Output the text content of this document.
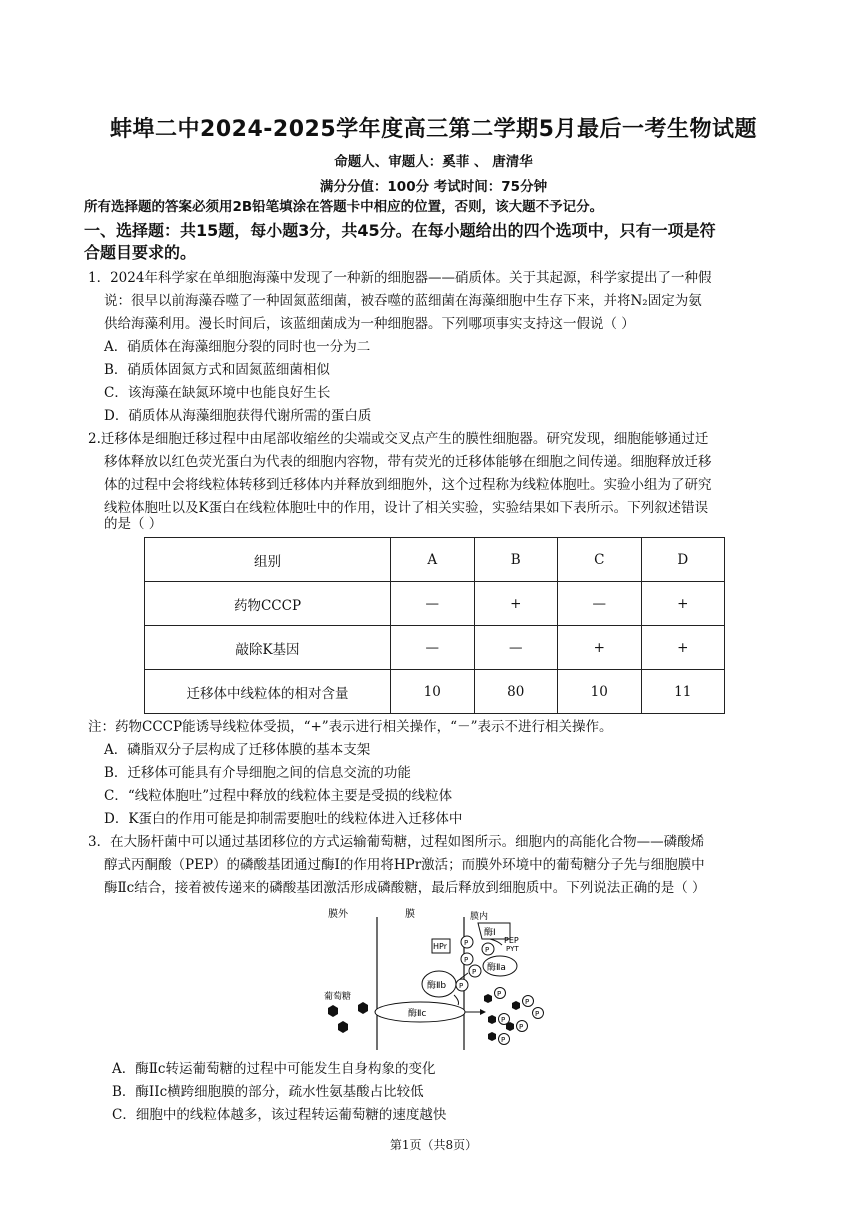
蚌埠二中2024-2025学年度高三第二学期5月最后一考生物试题
命题人、审题人：奚菲 、 唐清华
满分分值：100分 考试时间：75分钟
所有选择题的答案必须用2B铅笔填涂在答题卡中相应的位置，否则，该大题不予记分。
一、选择题：共15题，每小题3分，共45分。在每小题给出的四个选项中，只有一项是符
合题目要求的。
1．2024年科学家在单细胞海藻中发现了一种新的细胞器——硝质体。关于其起源，科学家提出了一种假
说：很早以前海藻吞噬了一种固氮蓝细菌，被吞噬的蓝细菌在海藻细胞中生存下来，并将N₂固定为氨
供给海藻利用。漫长时间后，该蓝细菌成为一种细胞器。下列哪项事实支持这一假说（ ）
A．硝质体在海藻细胞分裂的同时也一分为二
B．硝质体固氮方式和固氮蓝细菌相似
C．该海藻在缺氮环境中也能良好生长
D．硝质体从海藻细胞获得代谢所需的蛋白质
2.迁移体是细胞迁移过程中由尾部收缩丝的尖端或交叉点产生的膜性细胞器。研究发现，细胞能够通过迁
移体释放以红色荧光蛋白为代表的细胞内容物，带有荧光的迁移体能够在细胞之间传递。细胞释放迁移
体的过程中会将线粒体转移到迁移体内并释放到细胞外，这个过程称为线粒体胞吐。实验小组为了研究
线粒体胞吐以及K蛋白在线粒体胞吐中的作用，设计了相关实验，实验结果如下表所示。下列叙述错误
的是（ ）
组别	A	B	C	D
药物CCCP	—	+	—	+
敲除K基因	—	—	+	+
迁移体中线粒体的相对含量	10	80	10	11
注：药物CCCP能诱导线粒体受损，“+”表示进行相关操作，“－”表示不进行相关操作。
A．磷脂双分子层构成了迁移体膜的基本支架
B．迁移体可能具有介导细胞之间的信息交流的功能
C．“线粒体胞吐”过程中释放的线粒体主要是受损的线粒体
D．K蛋白的作用可能是抑制需要胞吐的线粒体进入迁移体中
3．在大肠杆菌中可以通过基团移位的方式运输葡萄糖，过程如图所示。细胞内的高能化合物——磷酸烯
醇式丙酮酸（PEP）的磷酸基团通过酶Ⅰ的作用将HPr激活；而膜外环境中的葡萄糖分子先与细胞膜中
酶Ⅱc结合，接着被传递来的磷酸基团激活形成磷酸糖，最后释放到细胞质中。下列说法正确的是（ ）
膜外	膜	膜内
酶Ⅰ
HPr P
P
P
PEP
PYT
酶Ⅱa
P
酶Ⅱb P
酶Ⅱc
葡萄糖	P
P
P
P
P
P
A．酶Ⅱc转运葡萄糖的过程中可能发生自身构象的变化
B．酶IIc横跨细胞膜的部分，疏水性氨基酸占比较低
C．细胞中的线粒体越多，该过程转运葡萄糖的速度越快
第1页（共8页）
